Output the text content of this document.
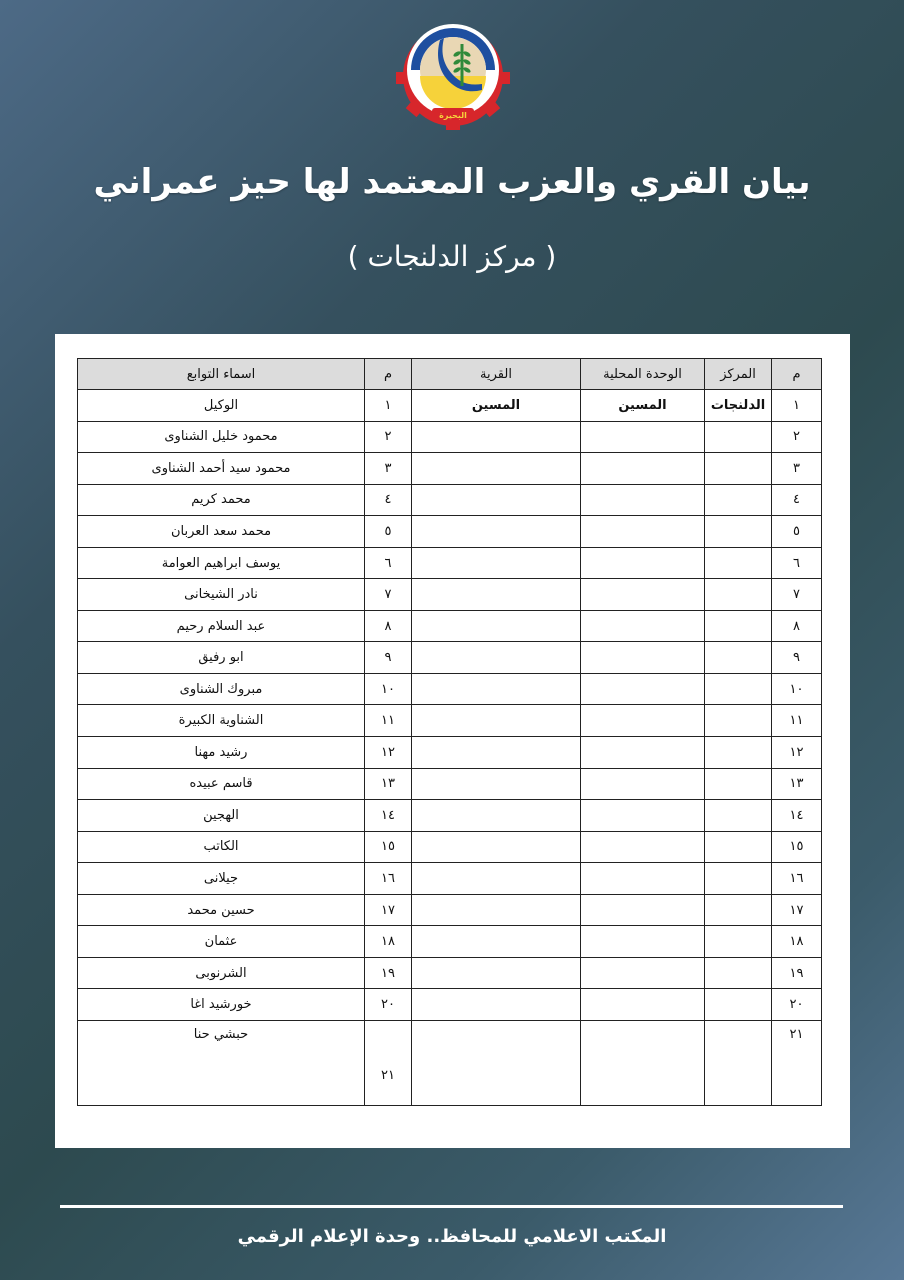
البحيرة
بيان القري والعزب المعتمد لها حيز عمراني
( مركز الدلنجات )
م	المركز	الوحدة المحلية	القرية	م	اسماء التوابع
١	الدلنجات	المسين	المسين	١	الوكيل
٢				٢	محمود خليل الشناوى
٣				٣	محمود سيد أحمد الشناوى
٤				٤	محمد كريم
٥				٥	محمد سعد العربان
٦				٦	يوسف ابراهيم العوامة
٧				٧	نادر الشيخانى
٨				٨	عبد السلام رحيم
٩				٩	ابو رفيق
١٠				١٠	مبروك الشناوى
١١				١١	الشناوية الكبيرة
١٢				١٢	رشيد مهنا
١٣				١٣	قاسم عبيده
١٤				١٤	الهجين
١٥				١٥	الكاتب
١٦				١٦	جيلانى
١٧				١٧	حسين محمد
١٨				١٨	عثمان
١٩				١٩	الشرنوبى
٢٠				٢٠	خورشيد اغا
٢١				٢١	حبشي حنا
المكتب الاعلامي للمحافظ.. وحدة الإعلام الرقمي
